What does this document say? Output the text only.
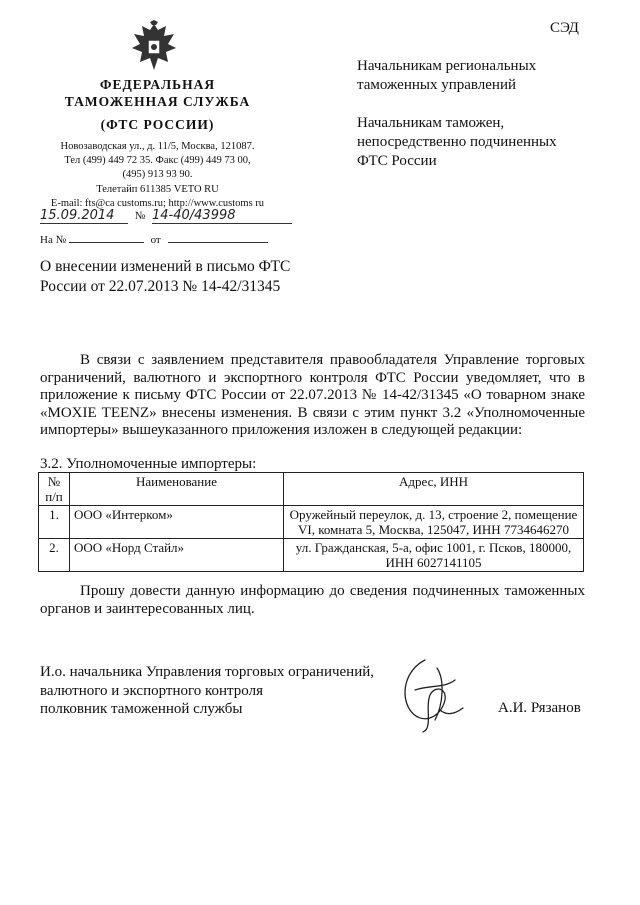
СЭД
ФЕДЕРАЛЬНАЯ
ТАМОЖЕННАЯ СЛУЖБА
(ФТС РОССИИ)
Новозаводская ул., д. 11/5, Москва, 121087.
Тел (499) 449 72 35. Факс (499) 449 73 00,
(495) 913 93 90.
Телетайп 611385 VETO RU
E-mail: fts@ca customs.ru; http://www.customs ru
15.09.2014 № 14-40/43998
На №	от
Начальникам региональных
таможенных управлений
Начальникам таможен,
непосредственно подчиненных
ФТС России
О внесении изменений в письмо ФТС
России от 22.07.2013 № 14-42/31345
В связи с заявлением представителя правообладателя Управление торговых ограничений, валютного и экспортного контроля ФТС России уведомляет, что в приложение к письму ФТС России от 22.07.2013 № 14-42/31345 «О товарном знаке «MOXIE TEENZ» внесены изменения. В связи с этим пункт 3.2 «Уполномоченные импортеры» вышеуказанного приложения изложен в следующей редакции:
3.2. Уполномоченные импортеры:
№ п/п	Наименование	Адрес, ИНН
1.	ООО «Интерком»	Оружейный переулок, д. 13, строение 2, помещение VI, комната 5, Москва, 125047, ИНН 7734646270
2.	ООО «Норд Стайл»	ул. Гражданская, 5-а, офис 1001, г. Псков, 180000, ИНН 6027141105
Прошу довести данную информацию до сведения подчиненных таможенных органов и заинтересованных лиц.
И.о. начальника Управления торговых ограничений,
валютного и экспортного контроля
полковник таможенной службы	А.И. Рязанов
